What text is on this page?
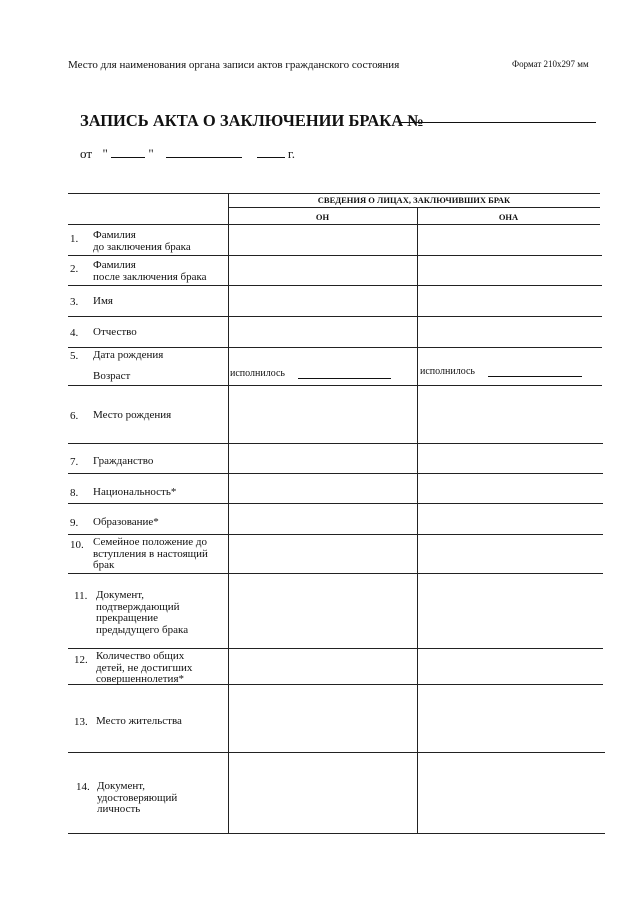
Место для наименования органа записи актов гражданского состояния	Формат 210х297 мм
ЗАПИСЬ АКТА О ЗАКЛЮЧЕНИИ БРАКА №
от "	"	г.
СВЕДЕНИЯ О ЛИЦАХ, ЗАКЛЮЧИВШИХ БРАК
ОН	ОНА
1.	Фамилия
до заключения брака
2.	Фамилия
после заключения брака
3.	Имя
4.	Отчество
5.	Дата рождения
Возраст	исполнилось	исполнилось
6.	Место рождения
7.	Гражданство
8.	Национальность*
9.	Образование*
10. Семейное положение до
вступления в настоящий
брак
11. Документ,
подтверждающий
прекращение
предыдущего брака
12. Количество общих
детей, не достигших
совершеннолетия*
13. Место жительства
14. Документ,
удостоверяющий
личность
